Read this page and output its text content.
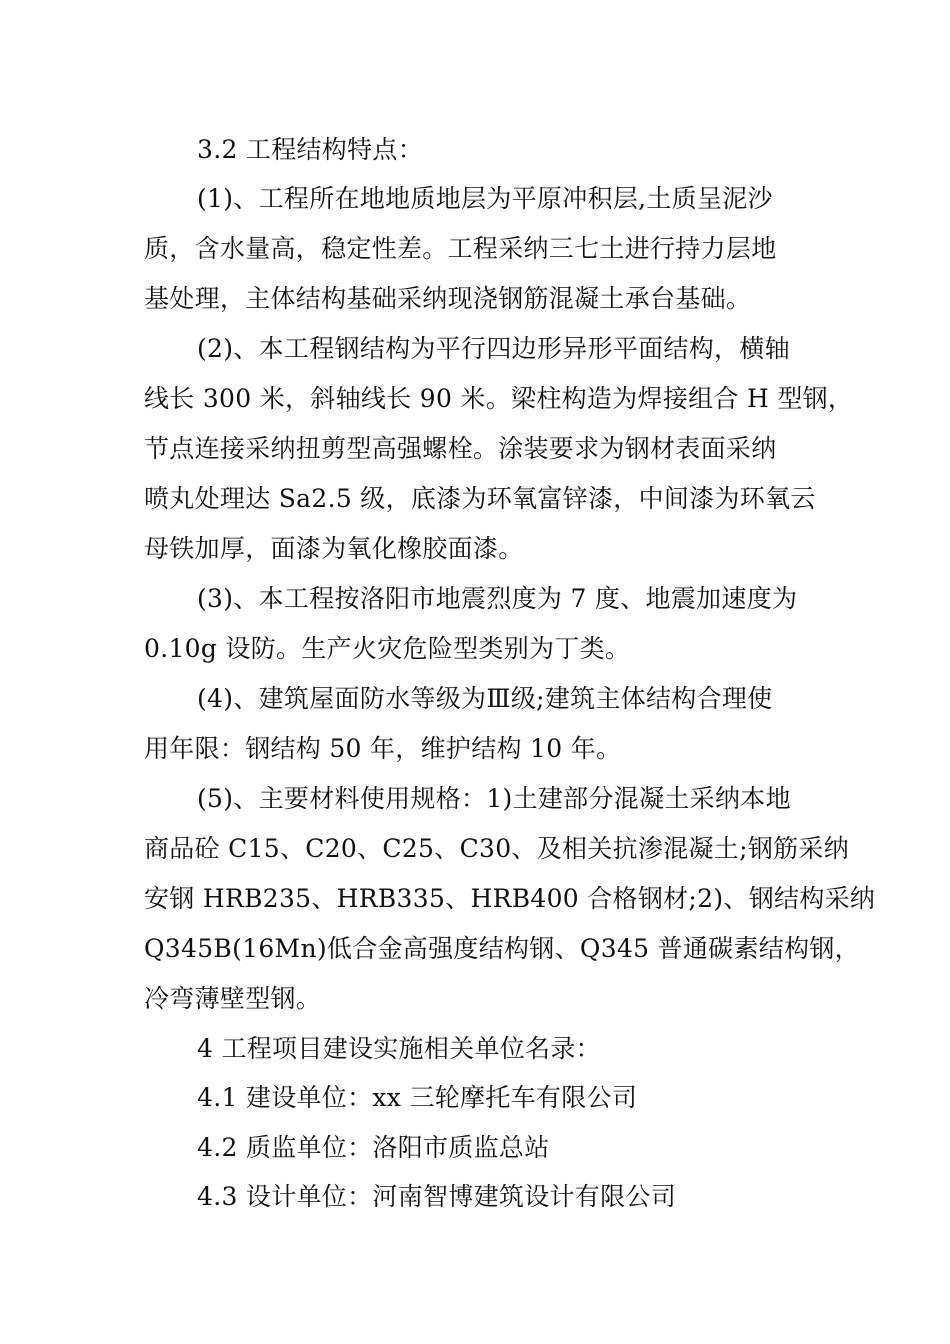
3.2 工程结构特点：
(1)、工程所在地地质地层为平原冲积层,土质呈泥沙
质，含水量高，稳定性差。工程采纳三七土进行持力层地
基处理，主体结构基础采纳现浇钢筋混凝土承台基础。
(2)、本工程钢结构为平行四边形异形平面结构，横轴
线长 300 米，斜轴线长 90 米。梁柱构造为焊接组合 H 型钢，
节点连接采纳扭剪型高强螺栓。涂装要求为钢材表面采纳
喷丸处理达 Sa2.5 级，底漆为环氧富锌漆，中间漆为环氧云
母铁加厚，面漆为氧化橡胶面漆。
(3)、本工程按洛阳市地震烈度为 7 度、地震加速度为
0.10g 设防。生产火灾危险型类别为丁类。
(4)、建筑屋面防水等级为Ⅲ级;建筑主体结构合理使
用年限：钢结构 50 年，维护结构 10 年。
(5)、主要材料使用规格：1)土建部分混凝土采纳本地
商品砼 C15、C20、C25、C30、及相关抗渗混凝土;钢筋采纳
安钢 HRB235、HRB335、HRB400 合格钢材;2)、钢结构采纳
Q345B(16Mn)低合金高强度结构钢、Q345 普通碳素结构钢，
冷弯薄壁型钢。
4 工程项目建设实施相关单位名录：
4.1 建设单位：xx 三轮摩托车有限公司
4.2 质监单位：洛阳市质监总站
4.3 设计单位：河南智博建筑设计有限公司
